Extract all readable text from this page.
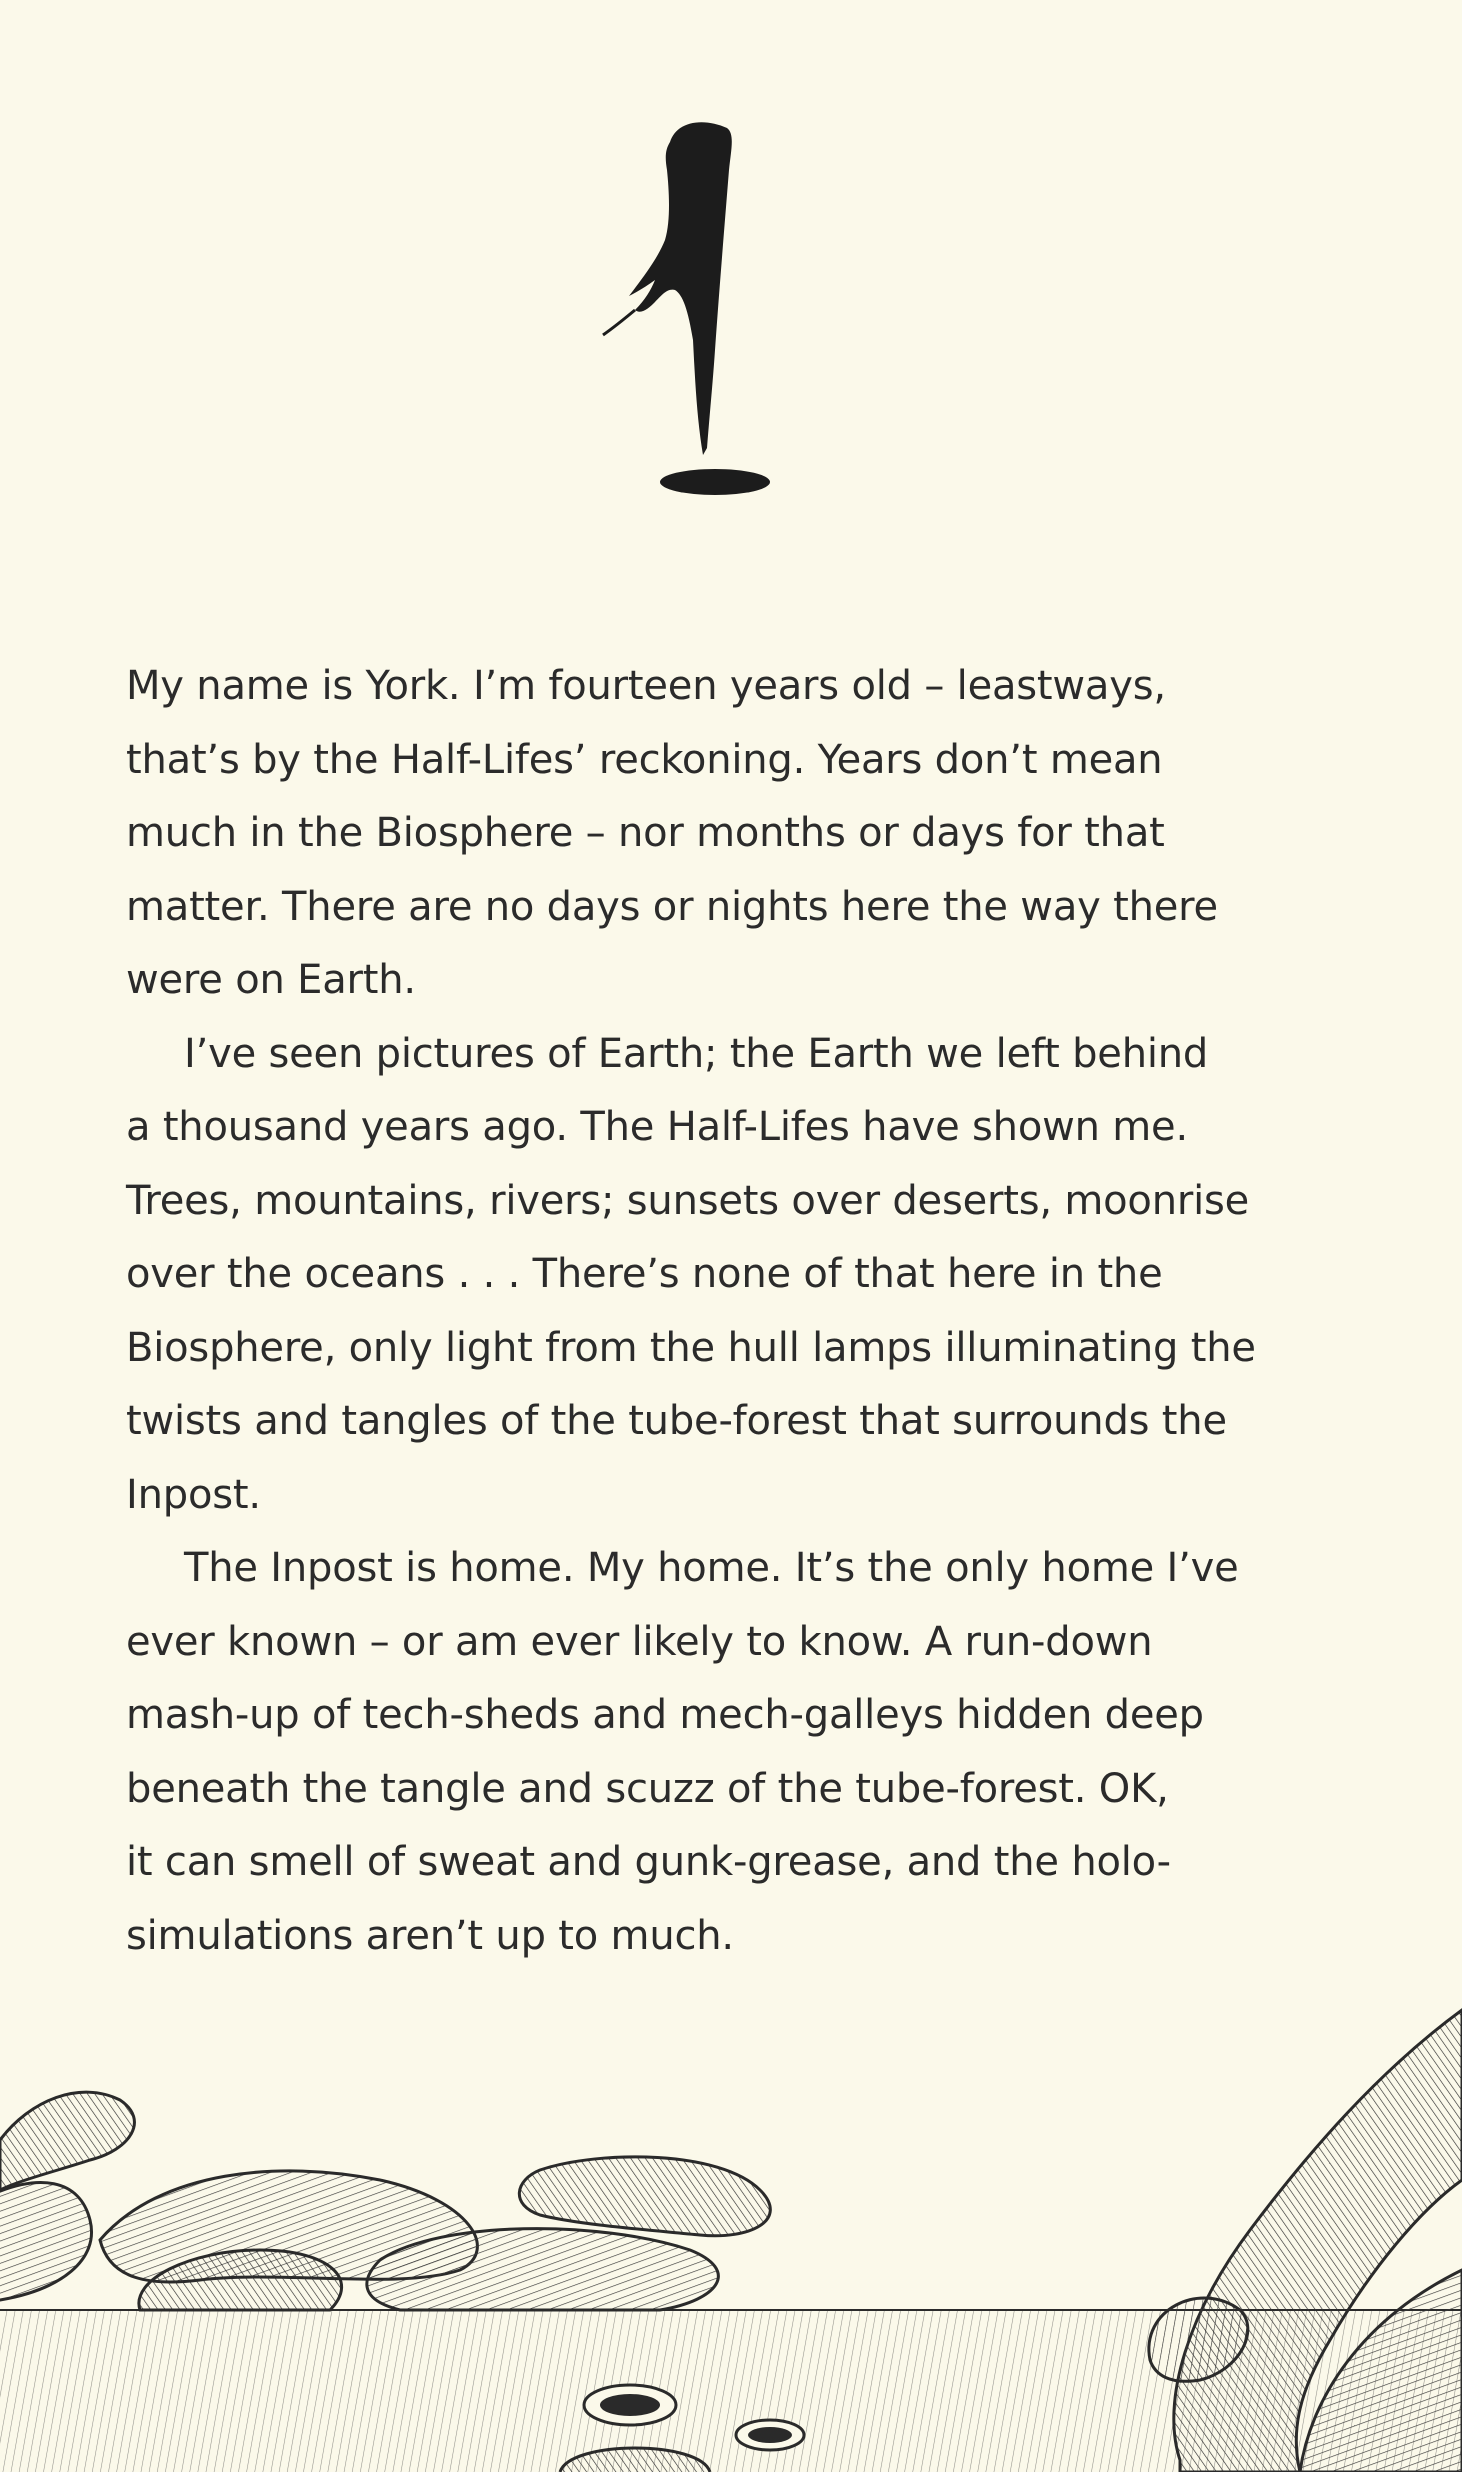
My name is York. I’m fourteen years old – leastways,
that’s by the Half-Lifes’ reckoning. Years don’t mean
much in the Biosphere – nor months or days for that
matter. There are no days or nights here the way there
were on Earth.

I’ve seen pictures of Earth; the Earth we left behind
a thousand years ago. The Half-Lifes have shown me.
Trees, mountains, rivers; sunsets over deserts, moonrise
over the oceans . . . There’s none of that here in the
Biosphere, only light from the hull lamps illuminating the
twists and tangles of the tube-forest that surrounds the
Inpost.

The Inpost is home. My home. It’s the only home I’ve
ever known – or am ever likely to know. A run-down
mash-up of tech-sheds and mech-galleys hidden deep
beneath the tangle and scuzz of the tube-forest. OK,
it can smell of sweat and gunk-grease, and the holo-
simulations aren’t up to much.
